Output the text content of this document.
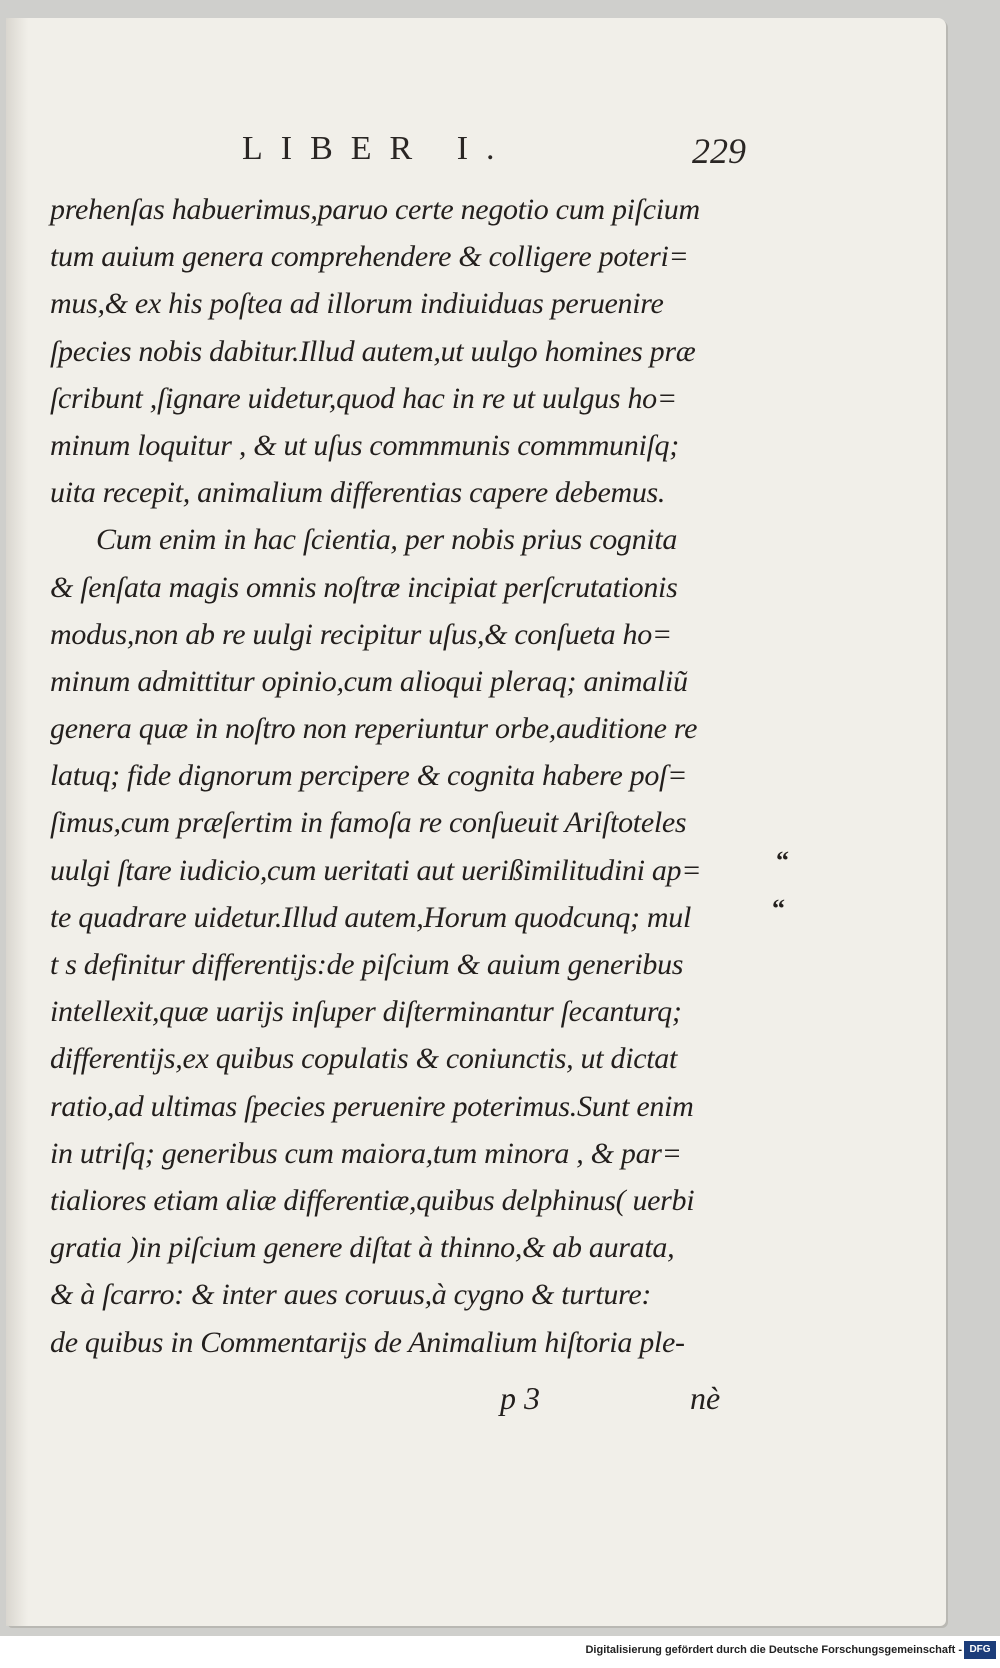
LIBER I.	229
prehenſas habuerimus,paruo certe negotio cum piſcium
tum auium genera comprehendere & colligere poteri=
mus,& ex his poſtea ad illorum indiuiduas peruenire
ſpecies nobis dabitur.Illud autem,ut uulgo homines præ
ſcribunt ,ſignare uidetur,quod hac in re ut uulgus ho=
minum loquitur , & ut uſus commmunis commmuniſq;
uita recepit, animalium differentias capere debemus.
Cum enim in hac ſcientia, per nobis prius cognita
& ſenſata magis omnis noſtræ incipiat perſcrutationis
modus,non ab re uulgi recipitur uſus,& conſueta ho=
minum admittitur opinio,cum alioqui pleraq; animaliũ
genera quæ in noſtro non reperiuntur orbe,auditione re
latuq; fide dignorum percipere & cognita habere poſ=
ſimus,cum præſertim in famoſa re conſueuit Ariſtoteles
uulgi ſtare iudicio,cum ueritati aut uerißimilitudini ap=
te quadrare uidetur.Illud autem,Horum quodcunq; mul
t s definitur differentijs:de piſcium & auium generibus
intellexit,quæ uarijs inſuper diſterminantur ſecanturq;
differentijs,ex quibus copulatis & coniunctis, ut dictat
ratio,ad ultimas ſpecies peruenire poterimus.Sunt enim
in utriſq; generibus cum maiora,tum minora , & par=
tialiores etiam aliæ differentiæ,quibus delphinus( uerbi
gratia )in piſcium genere diſtat à thinno,& ab aurata,
& à ſcarro: & inter aues coruus,à cygno & turture:
de quibus in Commentarijs de Animalium hiſtoria ple-
“
“
p 3	nè
Digitalisierung gefördert durch die Deutsche Forschungsgemeinschaft - DFG
